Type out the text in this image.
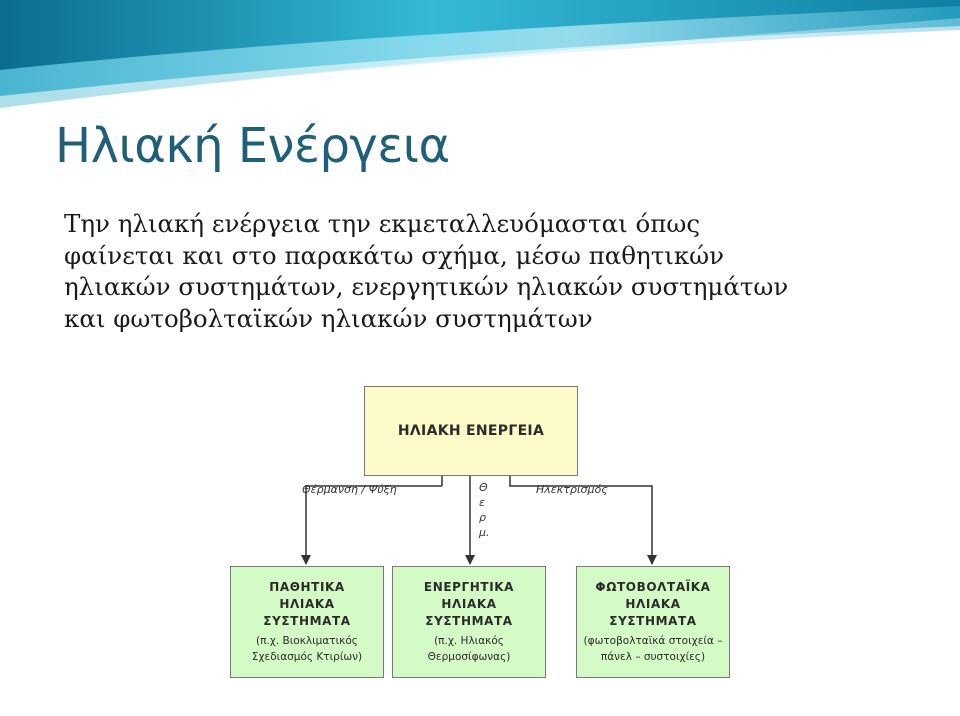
Ηλιακή Ενέργεια

Την ηλιακή ενέργεια την εκμεταλλευόμασται όπως
φαίνεται και στο παρακάτω σχήμα, μέσω παθητικών
ηλιακών συστημάτων, ενεργητικών ηλιακών συστημάτων
και φωτοβολταϊκών ηλιακών συστημάτων

ΗΛΙΑΚΗ ΕΝΕΡΓΕΙΑ
Θέρμανση / Ψύξη	Ηλεκτρισμός
Θ
ε
ρ
μ.
ΠΑΘΗΤΙΚΑ
ΗΛΙΑΚΑ
ΣΥΣΤΗΜΑΤΑ
(π.χ. Βιοκλιματικός
Σχεδιασμός Κτιρίων)
ΕΝΕΡΓΗΤΙΚΑ
ΗΛΙΑΚΑ
ΣΥΣΤΗΜΑΤΑ
(π.χ. Ηλιακός
Θερμοσίφωνας)
ΦΩΤΟΒΟΛΤΑΪΚΑ
ΗΛΙΑΚΑ
ΣΥΣΤΗΜΑΤΑ
(φωτοβολταϊκά στοιχεία –
πάνελ – συστοιχίες)
